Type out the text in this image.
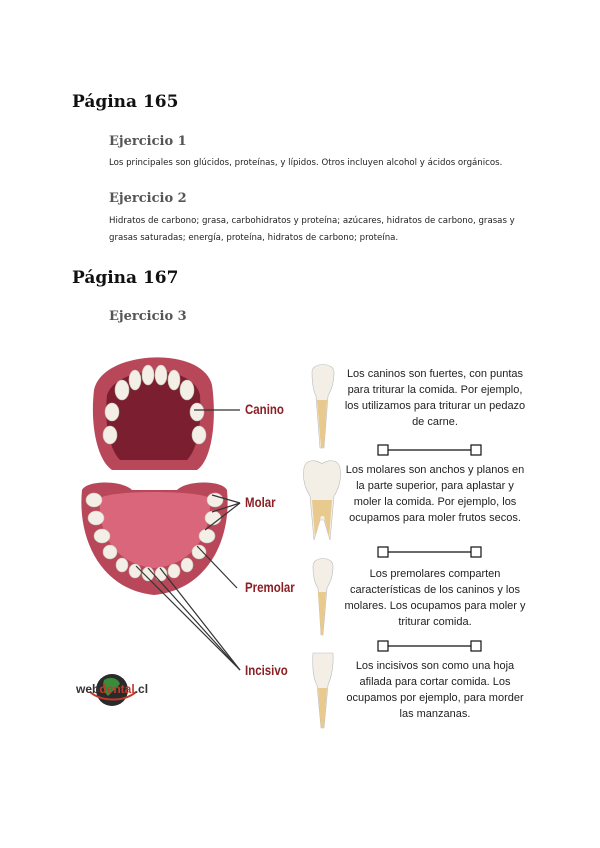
Página 165
Ejercicio 1

Los principales son glúcidos, proteínas, y lípidos. Otros incluyen alcohol y ácidos orgánicos.

Ejercicio 2

Hidratos de carbono; grasa, carbohidratos y proteína; azúcares, hidratos de carbono, grasas y grasas saturadas; energía, proteína, hidratos de carbono; proteína.

Página 167
Ejercicio 3
webdental.cl
Canino
Molar
Premolar
Incisivo
Los caninos son fuertes, con puntas para triturar la comida. Por ejemplo, los utilizamos para triturar un pedazo de carne.
Los molares son anchos y planos en la parte superior, para aplastar y moler la comida. Por ejemplo, los ocupamos para moler frutos secos.
Los premolares comparten características de los caninos y los molares. Los ocupamos para moler y triturar comida.
Los incisivos son como una hoja afilada para cortar comida. Los ocupamos por ejemplo, para morder las manzanas.
